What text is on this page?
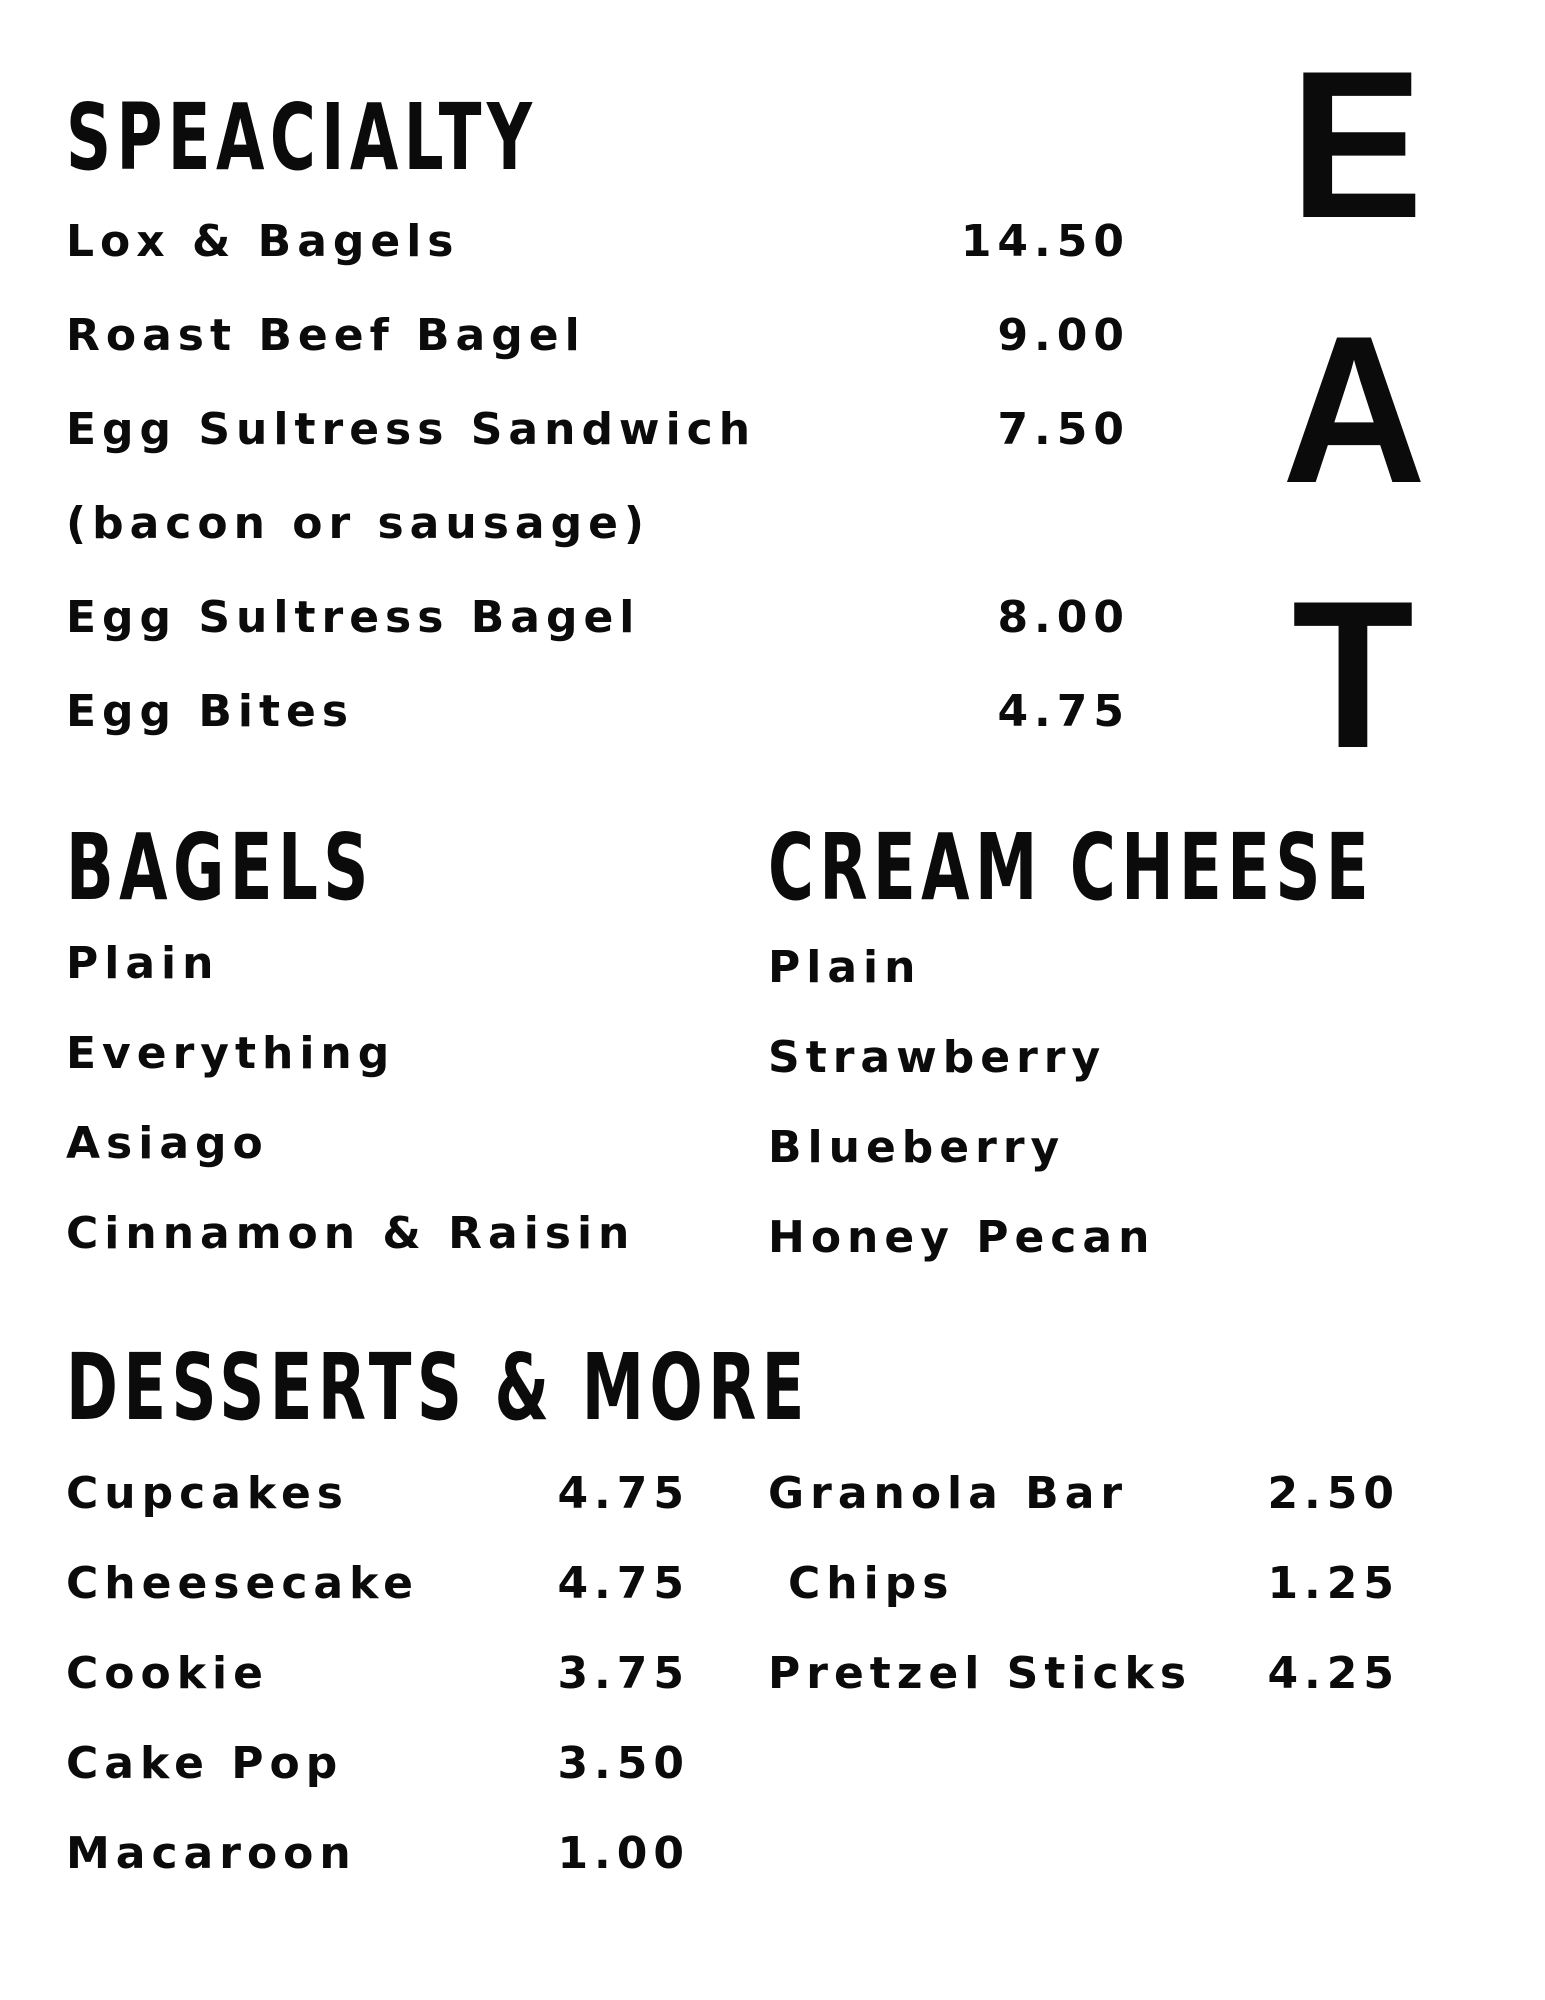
SPEACIALTY
Lox & Bagels	14.50
Roast Beef Bagel	9.00
Egg Sultress Sandwich	7.50
(bacon or sausage)
Egg Sultress Bagel	8.00
Egg Bites	4.75
E
A
T
BAGELS
Plain
Everything
Asiago
Cinnamon & Raisin
CREAM CHEESE
Plain
Strawberry
Blueberry
Honey Pecan
DESSERTS & MORE
Cupcakes	4.75
Cheesecake	4.75
Cookie	3.75
Cake Pop	3.50
Macaroon	1.00
Granola Bar	2.50
Chips	1.25
Pretzel Sticks	4.25
